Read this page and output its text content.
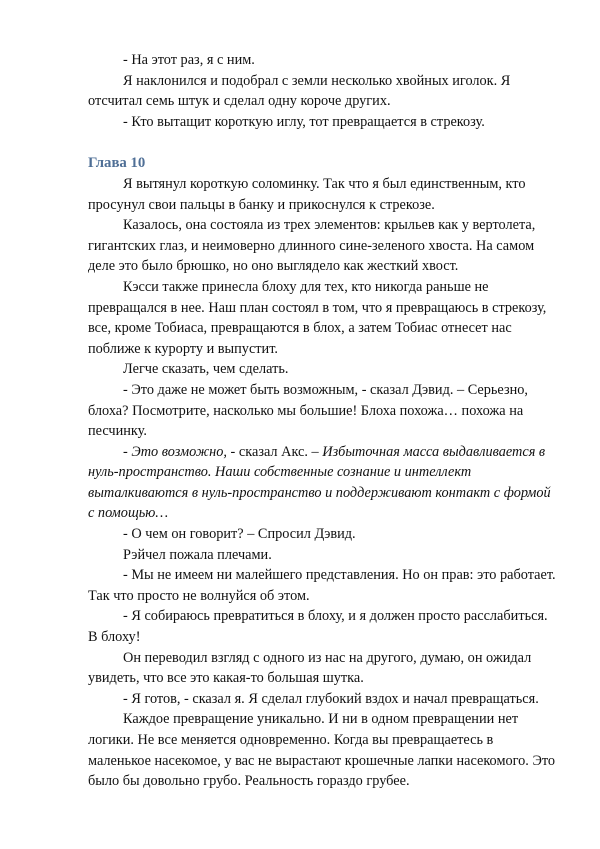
- На этот раз, я с ним.

Я наклонился и подобрал с земли несколько хвойных иголок. Я отсчитал семь штук и сделал одну короче других.

- Кто вытащит короткую иглу, тот превращается в стрекозу.

Глава 10

Я вытянул короткую соломинку. Так что я был единственным, кто просунул свои пальцы в банку и прикоснулся к стрекозе.

Казалось, она состояла из трех элементов: крыльев как у вертолета, гигантских глаз, и неимоверно длинного сине-зеленого хвоста. На самом деле это было брюшко, но оно выглядело как жесткий хвост.

Кэсси также принесла блоху для тех, кто никогда раньше не превращался в нее. Наш план состоял в том, что я превращаюсь в стрекозу, все, кроме Тобиаса, превращаются в блох, а затем Тобиас отнесет нас поближе к курорту и выпустит.

Легче сказать, чем сделать.

- Это даже не может быть возможным, - сказал Дэвид. – Серьезно, блоха? Посмотрите, насколько мы большие! Блоха похожа… похожа на песчинку.

- Это возможно, - сказал Акс. – Избыточная масса выдавливается в нуль-пространство. Наши собственные сознание и интеллект выталкиваются в нуль-пространство и поддерживают контакт с формой с помощью…

- О чем он говорит? – Спросил Дэвид.

Рэйчел пожала плечами.

- Мы не имеем ни малейшего представления. Но он прав: это работает. Так что просто не волнуйся об этом.

- Я собираюсь превратиться в блоху, и я должен просто расслабиться. В блоху!

Он переводил взгляд с одного из нас на другого, думаю, он ожидал увидеть, что все это какая-то большая шутка.

- Я готов, - сказал я. Я сделал глубокий вздох и начал превращаться.

Каждое превращение уникально. И ни в одном превращении нет логики. Не все меняется одновременно. Когда вы превращаетесь в маленькое насекомое, у вас не вырастают крошечные лапки насекомого. Это было бы довольно грубо. Реальность гораздо грубее.
